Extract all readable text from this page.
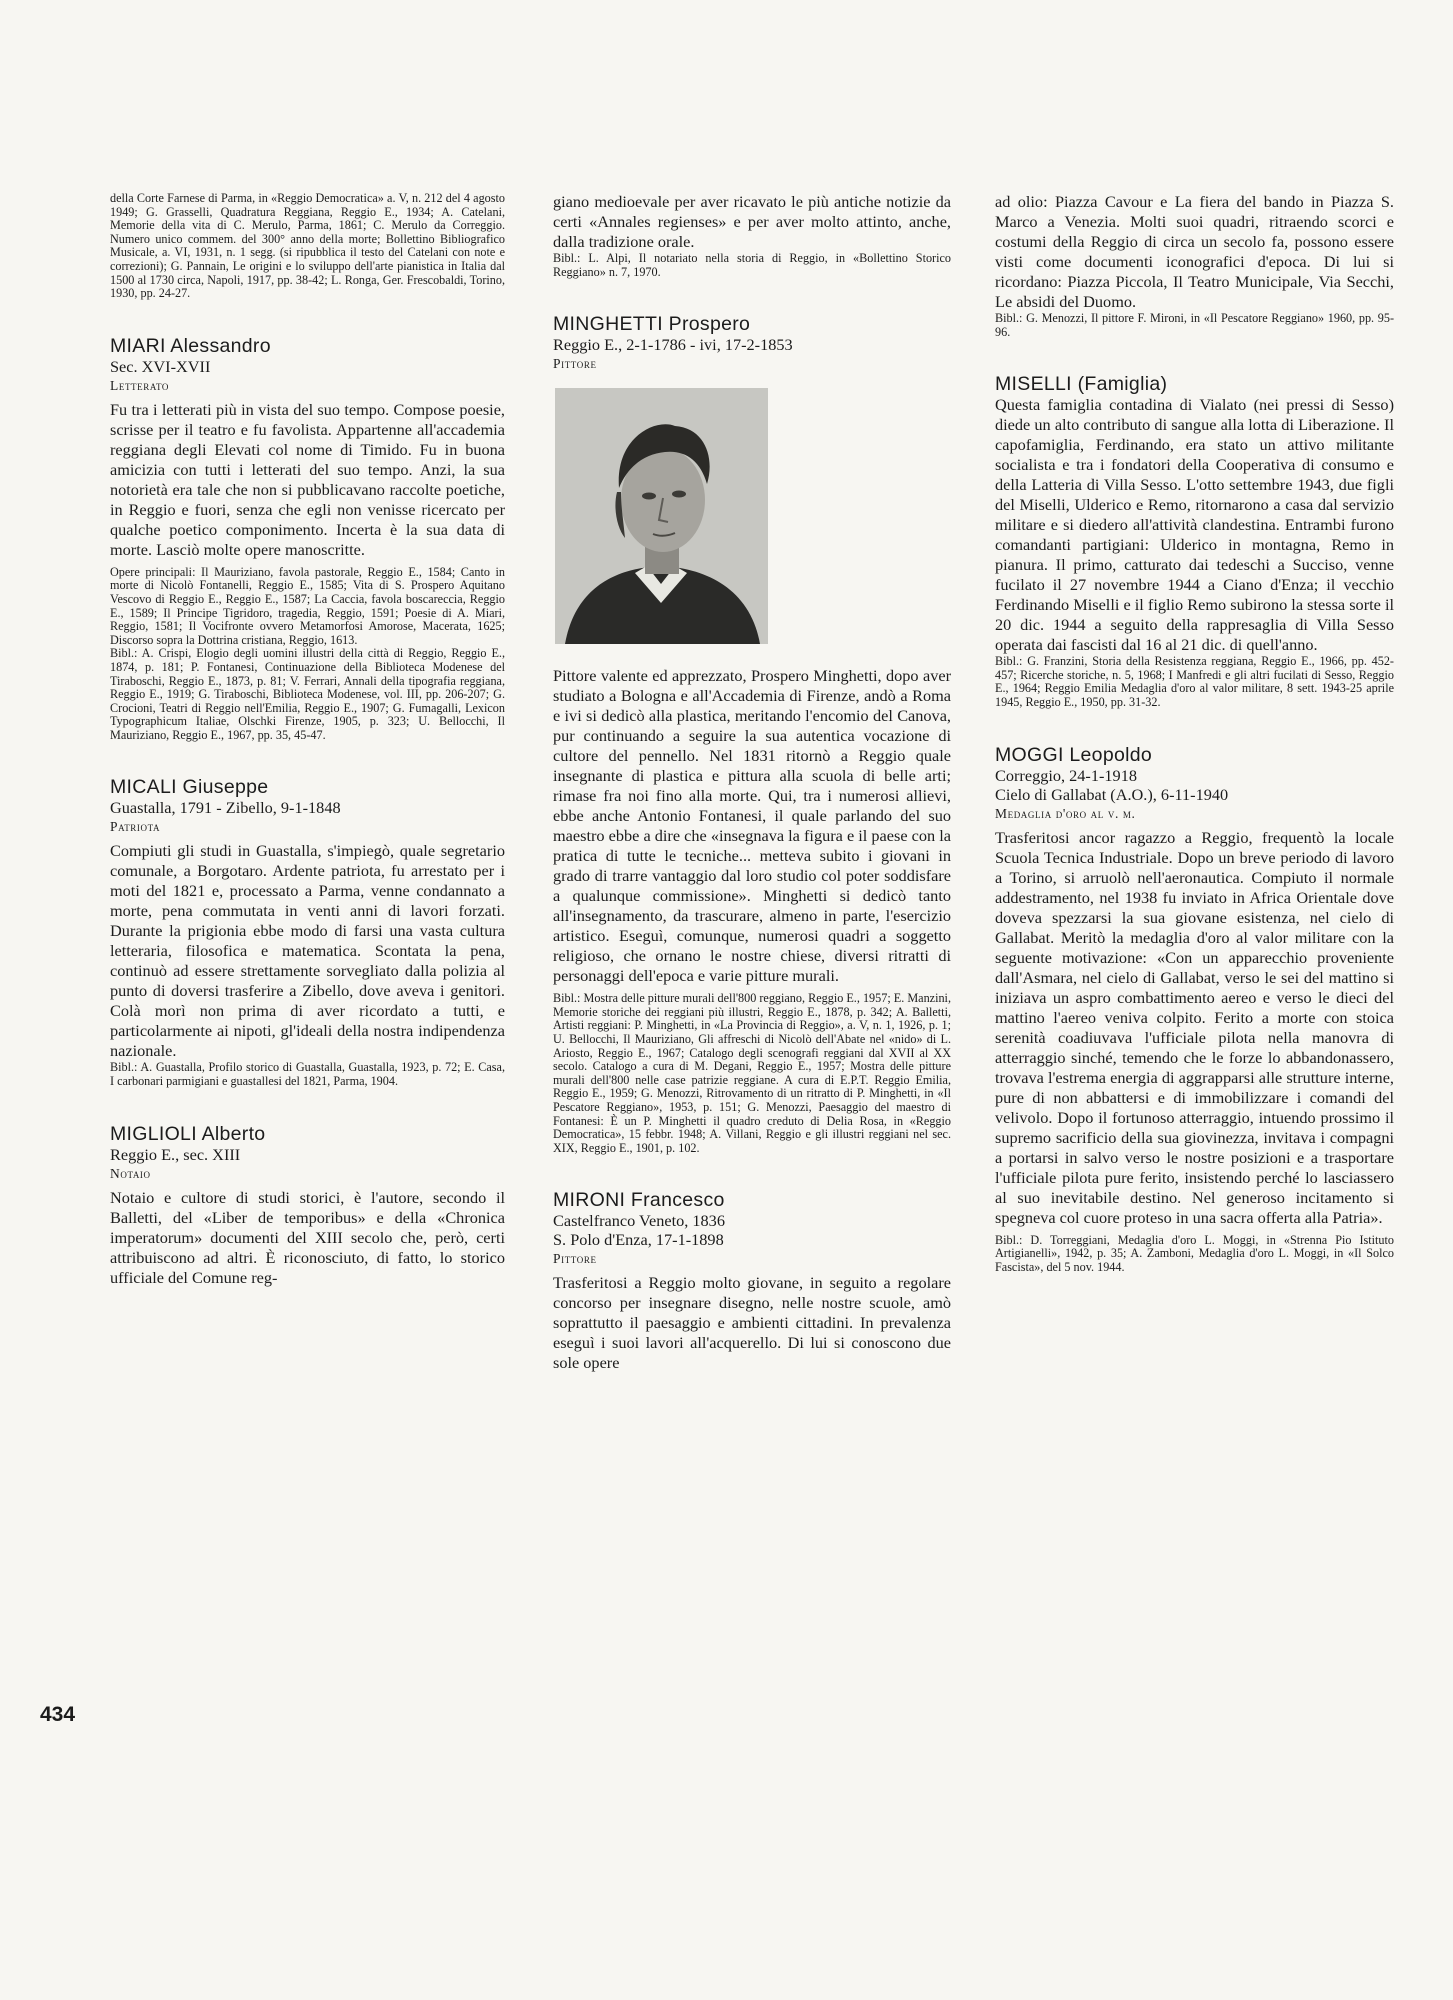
della Corte Farnese di Parma, in «Reggio Democratica» a. V, n. 212 del 4 agosto 1949; G. Grasselli, Quadratura Reggiana, Reggio E., 1934; A. Catelani, Memorie della vita di C. Merulo, Parma, 1861; C. Merulo da Correggio. Numero unico commem. del 300° anno della morte; Bollettino Bibliografico Musicale, a. VI, 1931, n. 1 segg. (si ripubblica il testo del Catelani con note e correzioni); G. Pannain, Le origini e lo sviluppo dell'arte pianistica in Italia dal 1500 al 1730 circa, Napoli, 1917, pp. 38-42; L. Ronga, Ger. Frescobaldi, Torino, 1930, pp. 24-27.

MIARI Alessandro
Sec. XVI-XVII
Letterato

Fu tra i letterati più in vista del suo tempo. Compose poesie, scrisse per il teatro e fu favolista. Appartenne all'accademia reggiana degli Elevati col nome di Timido. Fu in buona amicizia con tutti i letterati del suo tempo. Anzi, la sua notorietà era tale che non si pubblicavano raccolte poetiche, in Reggio e fuori, senza che egli non venisse ricercato per qualche poetico componimento. Incerta è la sua data di morte. Lasciò molte opere manoscritte.

Opere principali: Il Mauriziano, favola pastorale, Reggio E., 1584; Canto in morte di Nicolò Fontanelli, Reggio E., 1585; Vita di S. Prospero Aquitano Vescovo di Reggio E., Reggio E., 1587; La Caccia, favola boscareccia, Reggio E., 1589; Il Principe Tigridoro, tragedia, Reggio, 1591; Poesie di A. Miari, Reggio, 1581; Il Vocifronte ovvero Metamorfosi Amorose, Macerata, 1625; Discorso sopra la Dottrina cristiana, Reggio, 1613.

Bibl.: A. Crispi, Elogio degli uomini illustri della città di Reggio, Reggio E., 1874, p. 181; P. Fontanesi, Continuazione della Biblioteca Modenese del Tiraboschi, Reggio E., 1873, p. 81; V. Ferrari, Annali della tipografia reggiana, Reggio E., 1919; G. Tiraboschi, Biblioteca Modenese, vol. III, pp. 206-207; G. Crocioni, Teatri di Reggio nell'Emilia, Reggio E., 1907; G. Fumagalli, Lexicon Typographicum Italiae, Olschki Firenze, 1905, p. 323; U. Bellocchi, Il Mauriziano, Reggio E., 1967, pp. 35, 45-47.

MICALI Giuseppe
Guastalla, 1791 - Zibello, 9-1-1848
Patriota

Compiuti gli studi in Guastalla, s'impiegò, quale segretario comunale, a Borgotaro. Ardente patriota, fu arrestato per i moti del 1821 e, processato a Parma, venne condannato a morte, pena commutata in venti anni di lavori forzati. Durante la prigionia ebbe modo di farsi una vasta cultura letteraria, filosofica e matematica. Scontata la pena, continuò ad essere strettamente sorvegliato dalla polizia al punto di doversi trasferire a Zibello, dove aveva i genitori. Colà morì non prima di aver ricordato a tutti, e particolarmente ai nipoti, gl'ideali della nostra indipendenza nazionale.

Bibl.: A. Guastalla, Profilo storico di Guastalla, Guastalla, 1923, p. 72; E. Casa, I carbonari parmigiani e guastallesi del 1821, Parma, 1904.

MIGLIOLI Alberto
Reggio E., sec. XIII
Notaio

Notaio e cultore di studi storici, è l'autore, secondo il Balletti, del «Liber de temporibus» e della «Chronica imperatorum» documenti del XIII secolo che, però, certi attribuiscono ad altri. È riconosciuto, di fatto, lo storico ufficiale del Comune reg-

giano medioevale per aver ricavato le più antiche notizie da certi «Annales regienses» e per aver molto attinto, anche, dalla tradizione orale.

Bibl.: L. Alpi, Il notariato nella storia di Reggio, in «Bollettino Storico Reggiano» n. 7, 1970.

MINGHETTI Prospero
Reggio E., 2-1-1786 - ivi, 17-2-1853
Pittore

Pittore valente ed apprezzato, Prospero Minghetti, dopo aver studiato a Bologna e all'Accademia di Firenze, andò a Roma e ivi si dedicò alla plastica, meritando l'encomio del Canova, pur continuando a seguire la sua autentica vocazione di cultore del pennello. Nel 1831 ritornò a Reggio quale insegnante di plastica e pittura alla scuola di belle arti; rimase fra noi fino alla morte. Qui, tra i numerosi allievi, ebbe anche Antonio Fontanesi, il quale parlando del suo maestro ebbe a dire che «insegnava la figura e il paese con la pratica di tutte le tecniche... metteva subito i giovani in grado di trarre vantaggio dal loro studio col poter soddisfare a qualunque commissione». Minghetti si dedicò tanto all'insegnamento, da trascurare, almeno in parte, l'esercizio artistico. Eseguì, comunque, numerosi quadri a soggetto religioso, che ornano le nostre chiese, diversi ritratti di personaggi dell'epoca e varie pitture murali.

Bibl.: Mostra delle pitture murali dell'800 reggiano, Reggio E., 1957; E. Manzini, Memorie storiche dei reggiani più illustri, Reggio E., 1878, p. 342; A. Balletti, Artisti reggiani: P. Minghetti, in «La Provincia di Reggio», a. V, n. 1, 1926, p. 1; U. Bellocchi, Il Mauriziano, Gli affreschi di Nicolò dell'Abate nel «nido» di L. Ariosto, Reggio E., 1967; Catalogo degli scenografi reggiani dal XVII al XX secolo. Catalogo a cura di M. Degani, Reggio E., 1957; Mostra delle pitture murali dell'800 nelle case patrizie reggiane. A cura di E.P.T. Reggio Emilia, Reggio E., 1959; G. Menozzi, Ritrovamento di un ritratto di P. Minghetti, in «Il Pescatore Reggiano», 1953, p. 151; G. Menozzi, Paesaggio del maestro di Fontanesi: È un P. Minghetti il quadro creduto di Delia Rosa, in «Reggio Democratica», 15 febbr. 1948; A. Villani, Reggio e gli illustri reggiani nel sec. XIX, Reggio E., 1901, p. 102.

MIRONI Francesco
Castelfranco Veneto, 1836
S. Polo d'Enza, 17-1-1898
Pittore

Trasferitosi a Reggio molto giovane, in seguito a regolare concorso per insegnare disegno, nelle nostre scuole, amò soprattutto il paesaggio e ambienti cittadini. In prevalenza eseguì i suoi lavori all'acquerello. Di lui si conoscono due sole opere

ad olio: Piazza Cavour e La fiera del bando in Piazza S. Marco a Venezia. Molti suoi quadri, ritraendo scorci e costumi della Reggio di circa un secolo fa, possono essere visti come documenti iconografici d'epoca. Di lui si ricordano: Piazza Piccola, Il Teatro Municipale, Via Secchi, Le absidi del Duomo.

Bibl.: G. Menozzi, Il pittore F. Mironi, in «Il Pescatore Reggiano» 1960, pp. 95-96.

MISELLI (Famiglia)

Questa famiglia contadina di Vialato (nei pressi di Sesso) diede un alto contributo di sangue alla lotta di Liberazione. Il capofamiglia, Ferdinando, era stato un attivo militante socialista e tra i fondatori della Cooperativa di consumo e della Latteria di Villa Sesso. L'otto settembre 1943, due figli del Miselli, Ulderico e Remo, ritornarono a casa dal servizio militare e si diedero all'attività clandestina. Entrambi furono comandanti partigiani: Ulderico in montagna, Remo in pianura. Il primo, catturato dai tedeschi a Succiso, venne fucilato il 27 novembre 1944 a Ciano d'Enza; il vecchio Ferdinando Miselli e il figlio Remo subirono la stessa sorte il 20 dic. 1944 a seguito della rappresaglia di Villa Sesso operata dai fascisti dal 16 al 21 dic. di quell'anno.

Bibl.: G. Franzini, Storia della Resistenza reggiana, Reggio E., 1966, pp. 452-457; Ricerche storiche, n. 5, 1968; I Manfredi e gli altri fucilati di Sesso, Reggio E., 1964; Reggio Emilia Medaglia d'oro al valor militare, 8 sett. 1943-25 aprile 1945, Reggio E., 1950, pp. 31-32.

MOGGI Leopoldo
Correggio, 24-1-1918
Cielo di Gallabat (A.O.), 6-11-1940
Medaglia d'oro al v. m.

Trasferitosi ancor ragazzo a Reggio, frequentò la locale Scuola Tecnica Industriale. Dopo un breve periodo di lavoro a Torino, si arruolò nell'aeronautica. Compiuto il normale addestramento, nel 1938 fu inviato in Africa Orientale dove doveva spezzarsi la sua giovane esistenza, nel cielo di Gallabat. Meritò la medaglia d'oro al valor militare con la seguente motivazione: «Con un apparecchio proveniente dall'Asmara, nel cielo di Gallabat, verso le sei del mattino si iniziava un aspro combattimento aereo e verso le dieci del mattino l'aereo veniva colpito. Ferito a morte con stoica serenità coadiuvava l'ufficiale pilota nella manovra di atterraggio sinché, temendo che le forze lo abbandonassero, trovava l'estrema energia di aggrapparsi alle strutture interne, pure di non abbattersi e di immobilizzare i comandi del velivolo. Dopo il fortunoso atterraggio, intuendo prossimo il supremo sacrificio della sua giovinezza, invitava i compagni a portarsi in salvo verso le nostre posizioni e a trasportare l'ufficiale pilota pure ferito, insistendo perché lo lasciassero al suo inevitabile destino. Nel generoso incitamento si spegneva col cuore proteso in una sacra offerta alla Patria».

Bibl.: D. Torreggiani, Medaglia d'oro L. Moggi, in «Strenna Pio Istituto Artigianelli», 1942, p. 35; A. Zamboni, Medaglia d'oro L. Moggi, in «Il Solco Fascista», del 5 nov. 1944.

434
